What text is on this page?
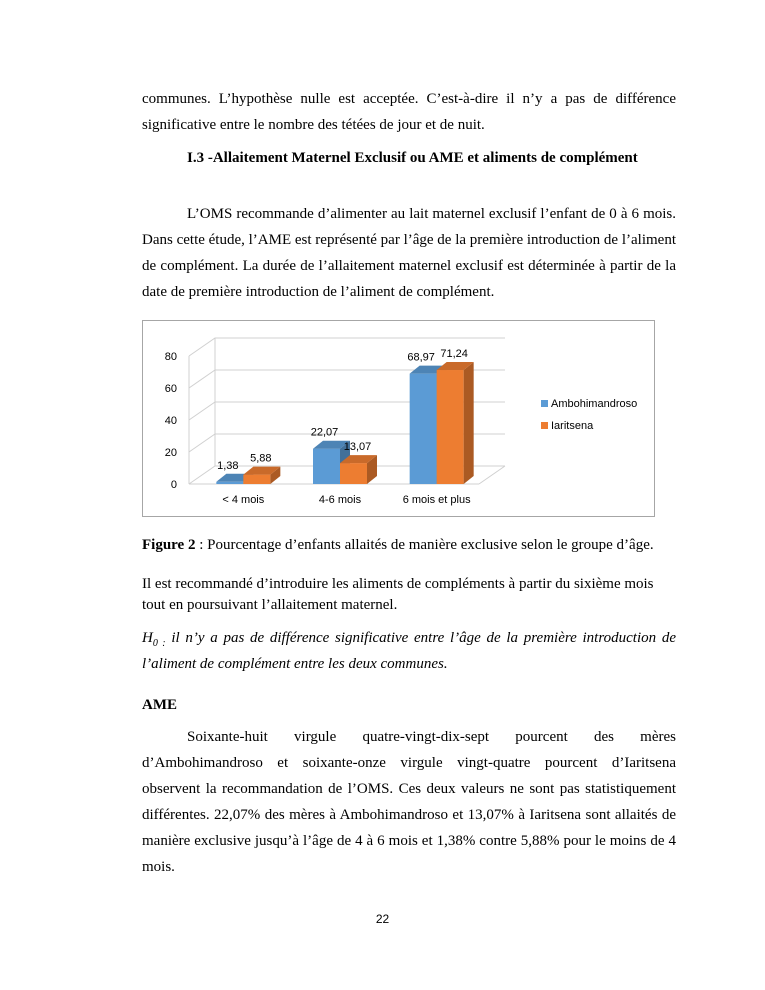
communes. L’hypothèse nulle est acceptée. C’est-à-dire il n’y a pas de différence
significative entre le nombre des tétées de jour et de nuit.
I.3 -Allaitement Maternel Exclusif ou AME et aliments de complément
L’OMS recommande d’alimenter au lait maternel exclusif l’enfant de 0 à 6 mois.
Dans cette étude, l’AME est représenté par l’âge de la première introduction de l’aliment
de complément. La durée de l’allaitement maternel exclusif est déterminée à partir de la
date de première introduction de l’aliment de complément.
0
20
40
60
80
1,38
5,88
< 4 mois
22,07
13,07
4-6 mois
68,97 71,24
6 mois et plus
Ambohimandroso
Iaritsena
Figure 2 : Pourcentage d’enfants allaités de manière exclusive selon le groupe d’âge.
Il est recommandé d’introduire les aliments de compléments à partir du sixième mois
tout en poursuivant l’allaitement maternel.
$H_{0 :}$ il n’y a pas de différence significative entre l’âge de la première introduction de
l’aliment de complément entre les deux communes.
AME
Soixante-huit virgule quatre-vingt-dix-sept pourcent des mères
d’Ambohimandroso et soixante-onze virgule vingt-quatre pourcent d’Iaritsena
observent la recommandation de l’OMS. Ces deux valeurs ne sont pas statistiquement
différentes. 22,07% des mères à Ambohimandroso et 13,07% à Iaritsena sont allaités de
manière exclusive jusqu’à l’âge de 4 à 6 mois et 1,38% contre 5,88% pour le moins de 4
mois.
22
